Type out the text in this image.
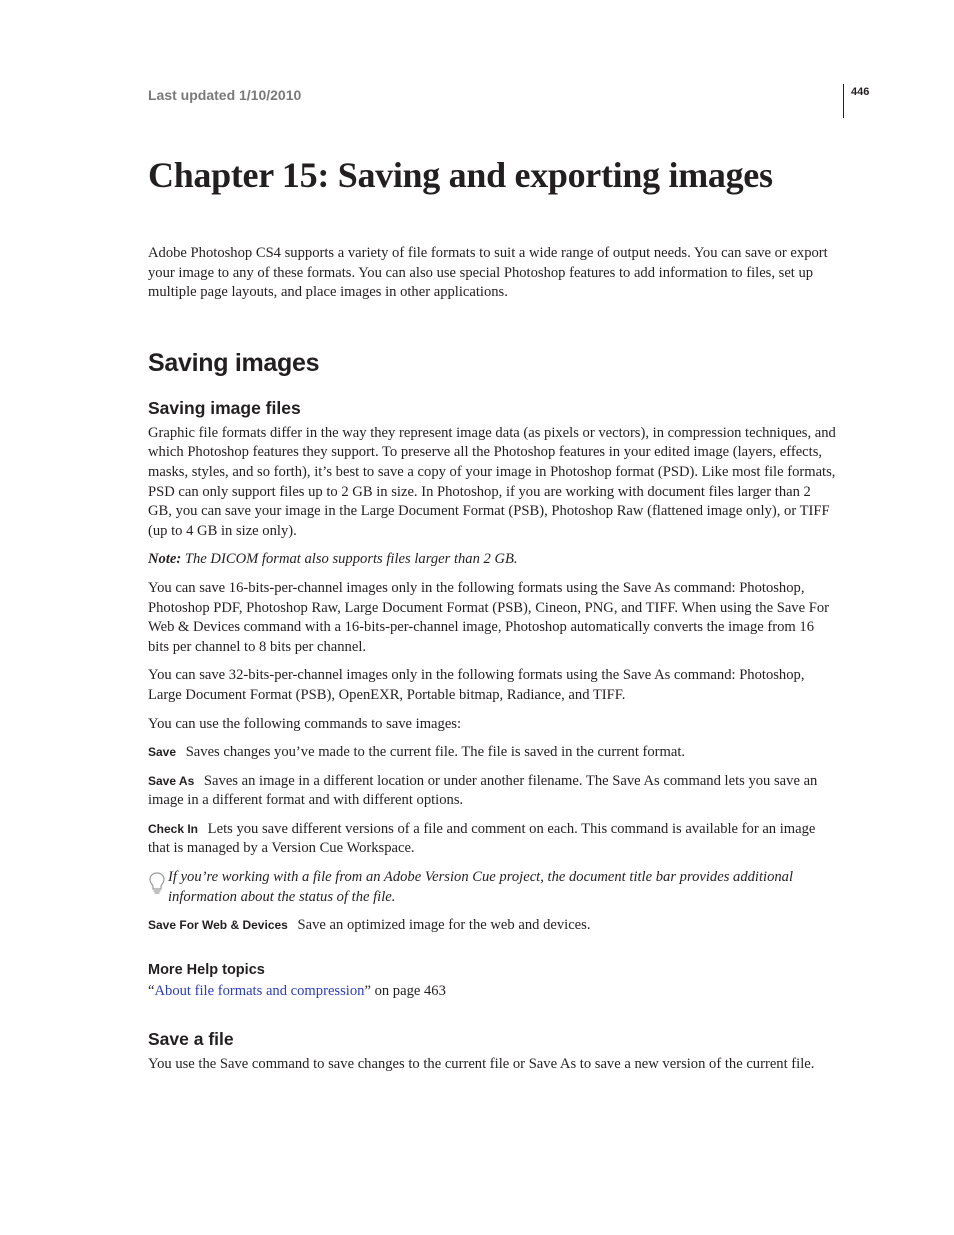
Last updated 1/10/2010	446
Chapter 15: Saving and exporting images

Adobe Photoshop CS4 supports a variety of file formats to suit a wide range of output needs. You can save or export your image to any of these formats. You can also use special Photoshop features to add information to files, set up multiple page layouts, and place images in other applications.

Saving images
Saving image files

Graphic file formats differ in the way they represent image data (as pixels or vectors), in compression techniques, and which Photoshop features they support. To preserve all the Photoshop features in your edited image (layers, effects, masks, styles, and so forth), it’s best to save a copy of your image in Photoshop format (PSD). Like most file formats, PSD can only support files up to 2 GB in size. In Photoshop, if you are working with document files larger than 2 GB, you can save your image in the Large Document Format (PSB), Photoshop Raw (flattened image only), or TIFF (up to 4 GB in size only).

Note: The DICOM format also supports files larger than 2 GB.

You can save 16-bits-per-channel images only in the following formats using the Save As command: Photoshop, Photoshop PDF, Photoshop Raw, Large Document Format (PSB), Cineon, PNG, and TIFF. When using the Save For Web & Devices command with a 16-bits-per-channel image, Photoshop automatically converts the image from 16 bits per channel to 8 bits per channel.

You can save 32-bits-per-channel images only in the following formats using the Save As command: Photoshop, Large Document Format (PSB), OpenEXR, Portable bitmap, Radiance, and TIFF.

You can use the following commands to save images:

Save Saves changes you’ve made to the current file. The file is saved in the current format.

Save As Saves an image in a different location or under another filename. The Save As command lets you save an image in a different format and with different options.

Check In Lets you save different versions of a file and comment on each. This command is available for an image that is managed by a Version Cue Workspace.

If you’re working with a file from an Adobe Version Cue project, the document title bar provides additional information about the status of the file.

Save For Web & Devices Save an optimized image for the web and devices.

More Help topics

“About file formats and compression” on page 463

Save a file

You use the Save command to save changes to the current file or Save As to save a new version of the current file.
